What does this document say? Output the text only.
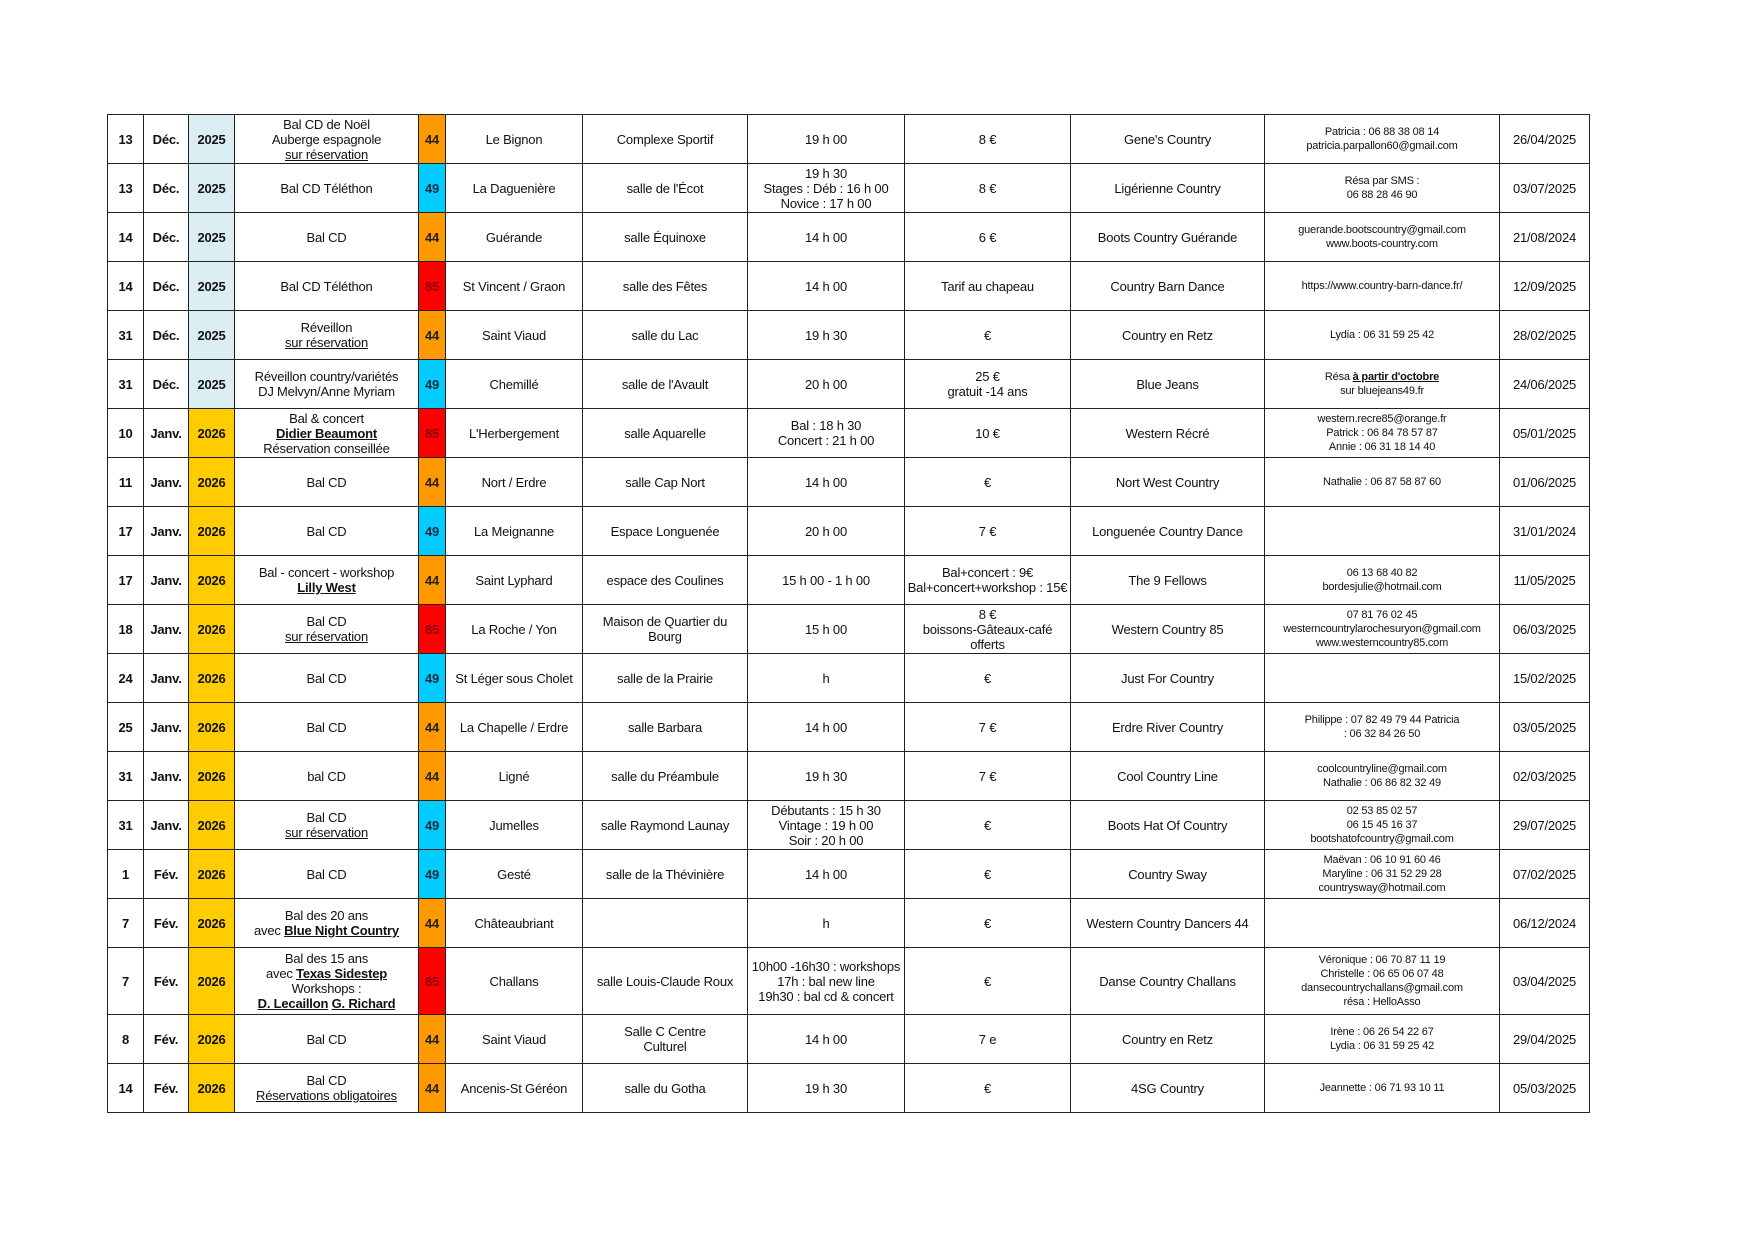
13	Déc.	2025	Bal CD de Noël
Auberge espagnole
sur réservation	44	Le Bignon	Complexe Sportif	19 h 00	8 €	Gene's Country	Patricia : 06 88 38 08 14
patricia.parpallon60@gmail.com	26/04/2025
13	Déc.	2025	Bal CD Téléthon	49	La Daguenière	salle de l'Écot	19 h 30
Stages : Déb : 16 h 00
Novice : 17 h 00	8 €	Ligérienne Country	Résa par SMS :
06 88 28 46 90	03/07/2025
14	Déc.	2025	Bal CD	44	Guérande	salle Équinoxe	14 h 00	6 €	Boots Country Guérande	guerande.bootscountry@gmail.com
www.boots-country.com	21/08/2024
14	Déc.	2025	Bal CD Téléthon	85	St Vincent / Graon	salle des Fêtes	14 h 00	Tarif au chapeau	Country Barn Dance	https://www.country-barn-dance.fr/	12/09/2025
31	Déc.	2025	Réveillon
sur réservation	44	Saint Viaud	salle du Lac	19 h 30	€	Country en Retz	Lydia : 06 31 59 25 42	28/02/2025
31	Déc.	2025	Réveillon country/variétés
DJ Melvyn/Anne Myriam	49	Chemillé	salle de l'Avault	20 h 00	25 €
gratuit -14 ans	Blue Jeans	Résa à partir d'octobre
sur bluejeans49.fr	24/06/2025
10	Janv.	2026	Bal & concert
Didier Beaumont
Réservation conseillée	85	L'Herbergement	salle Aquarelle	Bal : 18 h 30
Concert : 21 h 00	10 €	Western Récré	western.recre85@orange.fr
Patrick : 06 84 78 57 87
Annie : 06 31 18 14 40	05/01/2025
11	Janv.	2026	Bal CD	44	Nort / Erdre	salle Cap Nort	14 h 00	€	Nort West Country	Nathalie : 06 87 58 87 60	01/06/2025
17	Janv.	2026	Bal CD	49	La Meignanne	Espace Longuenée	20 h 00	7 €	Longuenée Country Dance		31/01/2024
17	Janv.	2026	Bal - concert - workshop
Lilly West	44	Saint Lyphard	espace des Coulines	15 h 00 - 1 h 00	Bal+concert : 9€
Bal+concert+workshop : 15€	The 9 Fellows	06 13 68 40 82
bordesjulie@hotmail.com	11/05/2025
18	Janv.	2026	Bal CD
sur réservation	85	La Roche / Yon	Maison de Quartier du
Bourg	15 h 00	8 €
boissons-Gâteaux-café
offerts	Western Country 85	07 81 76 02 45
westerncountrylarochesuryon@gmail.com
www.westerncountry85.com	06/03/2025
24	Janv.	2026	Bal CD	49	St Léger sous Cholet	salle de la Prairie	h	€	Just For Country		15/02/2025
25	Janv.	2026	Bal CD	44	La Chapelle / Erdre	salle Barbara	14 h 00	7 €	Erdre River Country	Philippe : 07 82 49 79 44 Patricia
: 06 32 84 26 50	03/05/2025
31	Janv.	2026	bal CD	44	Ligné	salle du Préambule	19 h 30	7 €	Cool Country Line	coolcountryline@gmail.com
Nathalie : 06 86 82 32 49	02/03/2025
31	Janv.	2026	Bal CD
sur réservation	49	Jumelles	salle Raymond Launay	Débutants : 15 h 30
Vintage : 19 h 00
Soir : 20 h 00	€	Boots Hat Of Country	02 53 85 02 57
06 15 45 16 37
bootshatofcountry@gmail.com	29/07/2025
1	Fév.	2026	Bal CD	49	Gesté	salle de la Thévinière	14 h 00	€	Country Sway	Maëvan : 06 10 91 60 46
Maryline : 06 31 52 29 28
countrysway@hotmail.com	07/02/2025
7	Fév.	2026	Bal des 20 ans
avec Blue Night Country	44	Châteaubriant		h	€	Western Country Dancers 44		06/12/2024
7	Fév.	2026	Bal des 15 ans
avec Texas Sidestep
Workshops :
D. Lecaillon G. Richard	85	Challans	salle Louis-Claude Roux	10h00 -16h30 : workshops
17h : bal new line
19h30 : bal cd & concert	€	Danse Country Challans	Véronique : 06 70 87 11 19
Christelle : 06 65 06 07 48
dansecountrychallans@gmail.com
résa : HelloAsso	03/04/2025
8	Fév.	2026	Bal CD	44	Saint Viaud	Salle C Centre
Culturel	14 h 00	7 e	Country en Retz	Irène : 06 26 54 22 67
Lydia : 06 31 59 25 42	29/04/2025
14	Fév.	2026	Bal CD
Réservations obligatoires	44	Ancenis-St Géréon	salle du Gotha	19 h 30	€	4SG Country	Jeannette : 06 71 93 10 11	05/03/2025
